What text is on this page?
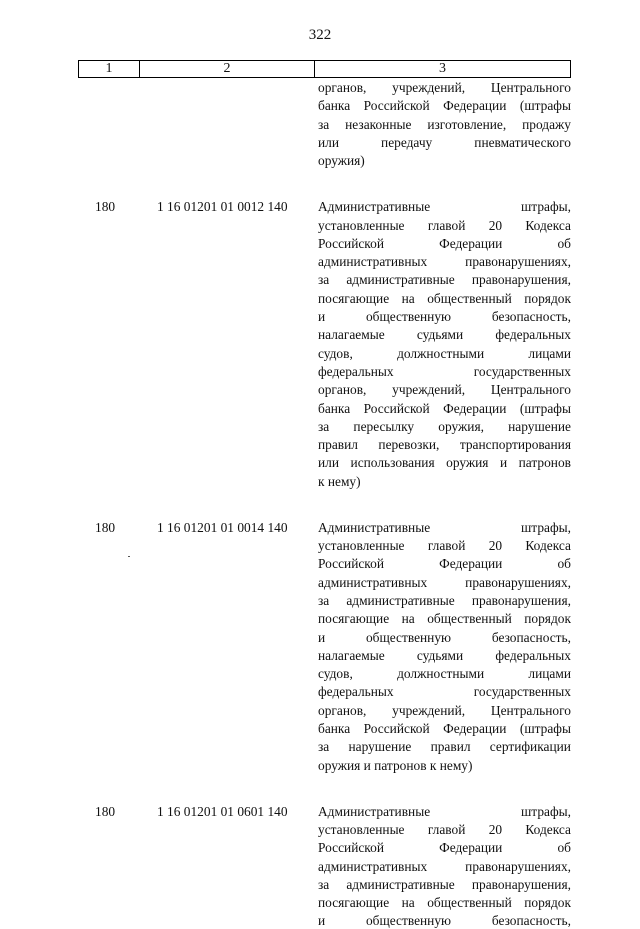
322
1	2	3
органов, учреждений, Центрального
банка Российской Федерации (штрафы
за незаконные изготовление, продажу
или	передачу	пневматического
оружия)
180	1 16 01201 01 0012 140	Административные	штрафы,
установленные главой 20 Кодекса
Российской	Федерации	об
административных	правонарушениях,
за административные правонарушения,
посягающие на общественный порядок
и	общественную	безопасность,
налагаемые судьями федеральных
судов,	должностными	лицами
федеральных	государственных
органов, учреждений, Центрального
банка Российской Федерации (штрафы
за пересылку оружия, нарушение
правил перевозки, транспортирования
или использования оружия и патронов
к нему)
180	1 16 01201 01 0014 140	Административные	штрафы,
установленные главой 20 Кодекса
Российской	Федерации	об
административных	правонарушениях,
за административные правонарушения,
посягающие на общественный порядок
и	общественную	безопасность,
налагаемые судьями федеральных
судов,	должностными	лицами
федеральных	государственных
органов, учреждений, Центрального
банка Российской Федерации (штрафы
за нарушение правил сертификации
оружия и патронов к нему)
180	1 16 01201 01 0601 140	Административные	штрафы,
установленные главой 20 Кодекса
Российской	Федерации	об
административных	правонарушениях,
за административные правонарушения,
посягающие на общественный порядок
и	общественную	безопасность,
